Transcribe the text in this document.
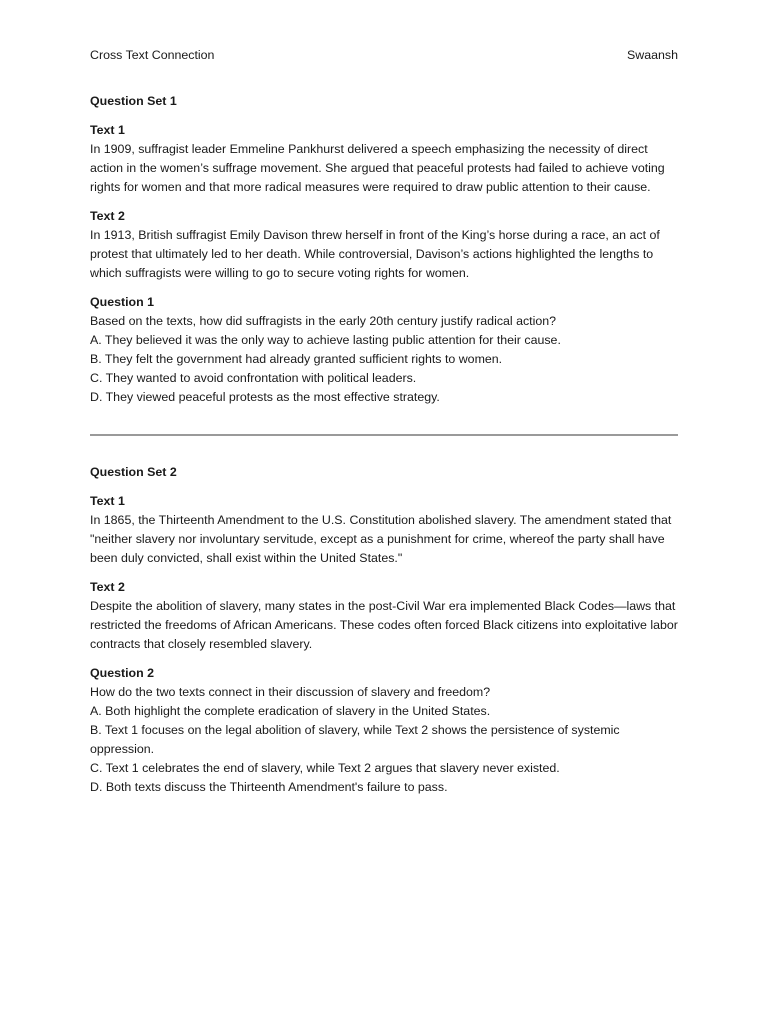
Cross Text Connection	Swaansh

Question Set 1

Text 1

In 1909, suffragist leader Emmeline Pankhurst delivered a speech emphasizing the necessity of direct action in the women’s suffrage movement. She argued that peaceful protests had failed to achieve voting rights for women and that more radical measures were required to draw public attention to their cause.

Text 2

In 1913, British suffragist Emily Davison threw herself in front of the King’s horse during a race, an act of protest that ultimately led to her death. While controversial, Davison’s actions highlighted the lengths to which suffragists were willing to go to secure voting rights for women.

Question 1

Based on the texts, how did suffragists in the early 20th century justify radical action?

A. They believed it was the only way to achieve lasting public attention for their cause.

B. They felt the government had already granted sufficient rights to women.

C. They wanted to avoid confrontation with political leaders.

D. They viewed peaceful protests as the most effective strategy.

Question Set 2

Text 1

In 1865, the Thirteenth Amendment to the U.S. Constitution abolished slavery. The amendment stated that "neither slavery nor involuntary servitude, except as a punishment for crime, whereof the party shall have been duly convicted, shall exist within the United States."

Text 2

Despite the abolition of slavery, many states in the post-Civil War era implemented Black Codes—laws that restricted the freedoms of African Americans. These codes often forced Black citizens into exploitative labor contracts that closely resembled slavery.

Question 2

How do the two texts connect in their discussion of slavery and freedom?

A. Both highlight the complete eradication of slavery in the United States.

B. Text 1 focuses on the legal abolition of slavery, while Text 2 shows the persistence of systemic oppression.

C. Text 1 celebrates the end of slavery, while Text 2 argues that slavery never existed.

D. Both texts discuss the Thirteenth Amendment's failure to pass.
